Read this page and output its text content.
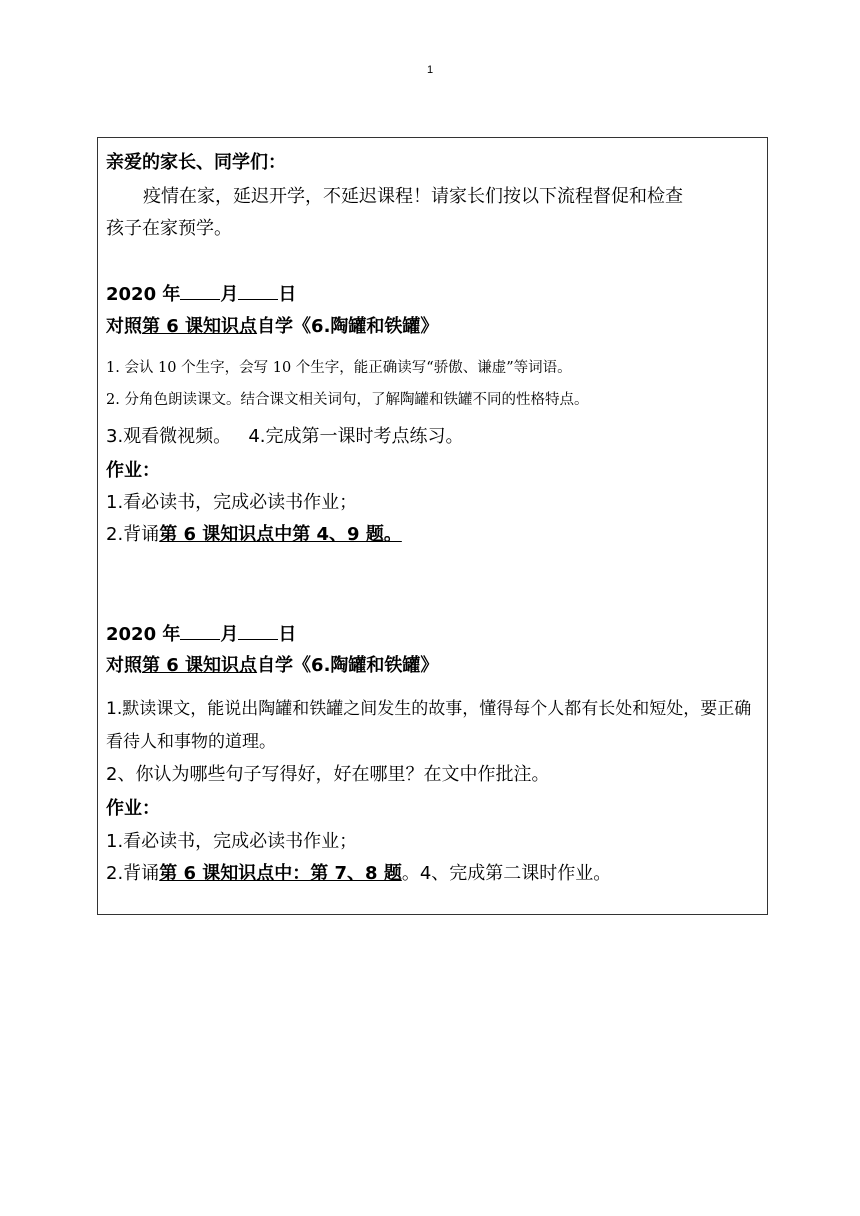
1
亲爱的家长、同学们：
疫情在家，延迟开学，不延迟课程！请家长们按以下流程督促和检查
孩子在家预学。
2020 年 月 日
对照第 6 课知识点自学《6.陶罐和铁罐》
1. 会认 10 个生字，会写 10 个生字，能正确读写“骄傲、谦虚”等词语。
2. 分角色朗读课文。结合课文相关词句，了解陶罐和铁罐不同的性格特点。
3.观看微视频。   4.完成第一课时考点练习。
作业：
1.看必读书，完成必读书作业；
2.背诵第 6 课知识点中第 4、9 题。
2020 年 月 日
对照第 6 课知识点自学《6.陶罐和铁罐》
1.默读课文，能说出陶罐和铁罐之间发生的故事，懂得每个人都有长处和短处，要正确
看待人和事物的道理。
2、你认为哪些句子写得好，好在哪里？在文中作批注。
作业：
1.看必读书，完成必读书作业；
2.背诵第 6 课知识点中：第 7、8 题。4、完成第二课时作业。
